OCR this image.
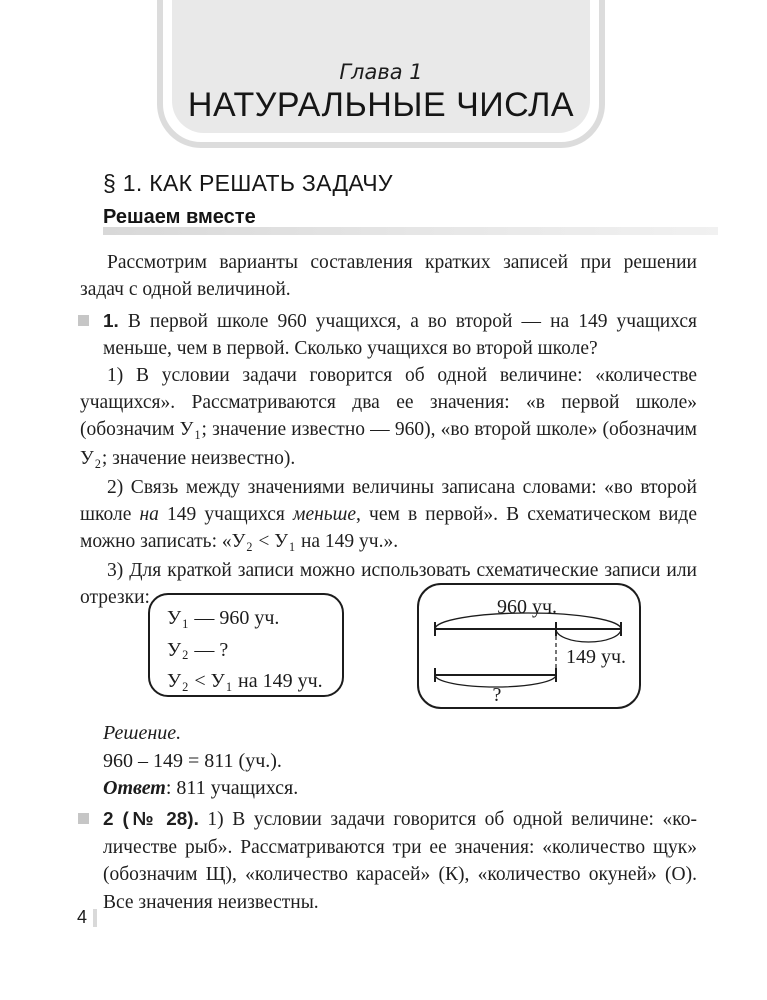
Глава 1
НАТУРАЛЬНЫЕ ЧИСЛА
§ 1. КАК РЕШАТЬ ЗАДАЧУ
Решаем вместе

Рассмотрим варианты составления кратких записей при решении задач с одной величиной.

1. В первой школе 960 учащихся, а во второй — на 149 учащихся меньше, чем в первой. Сколько учащихся во второй школе?

1) В условии задачи говорится об одной величине: «количестве учащихся». Рассматриваются два ее значения: «в первой школе» (обозначим У1; значение известно — 960), «во второй школе» (обозначим У2; значение неизвестно).

2) Связь между значениями величины записана словами: «во второй школе на 149 учащихся меньше, чем в первой». В схематическом виде можно записать: «У2 < У1 на 149 уч.».

3) Для краткой записи можно использовать схематические записи или отрезки:

У1 — 960 уч.
У2 — ?
У2 < У1 на 149 уч.
960 уч.
149 уч.
?
Решение.
960 – 149 = 811 (уч.).
Ответ: 811 учащихся.
2 (№ 28). 1) В условии задачи говорится об одной величине: «количестве рыб». Рассматриваются три ее значения: «количество щук» (обозначим Щ), «количество карасей» (К), «количество окуней» (О). Все значения неизвестны.
4
